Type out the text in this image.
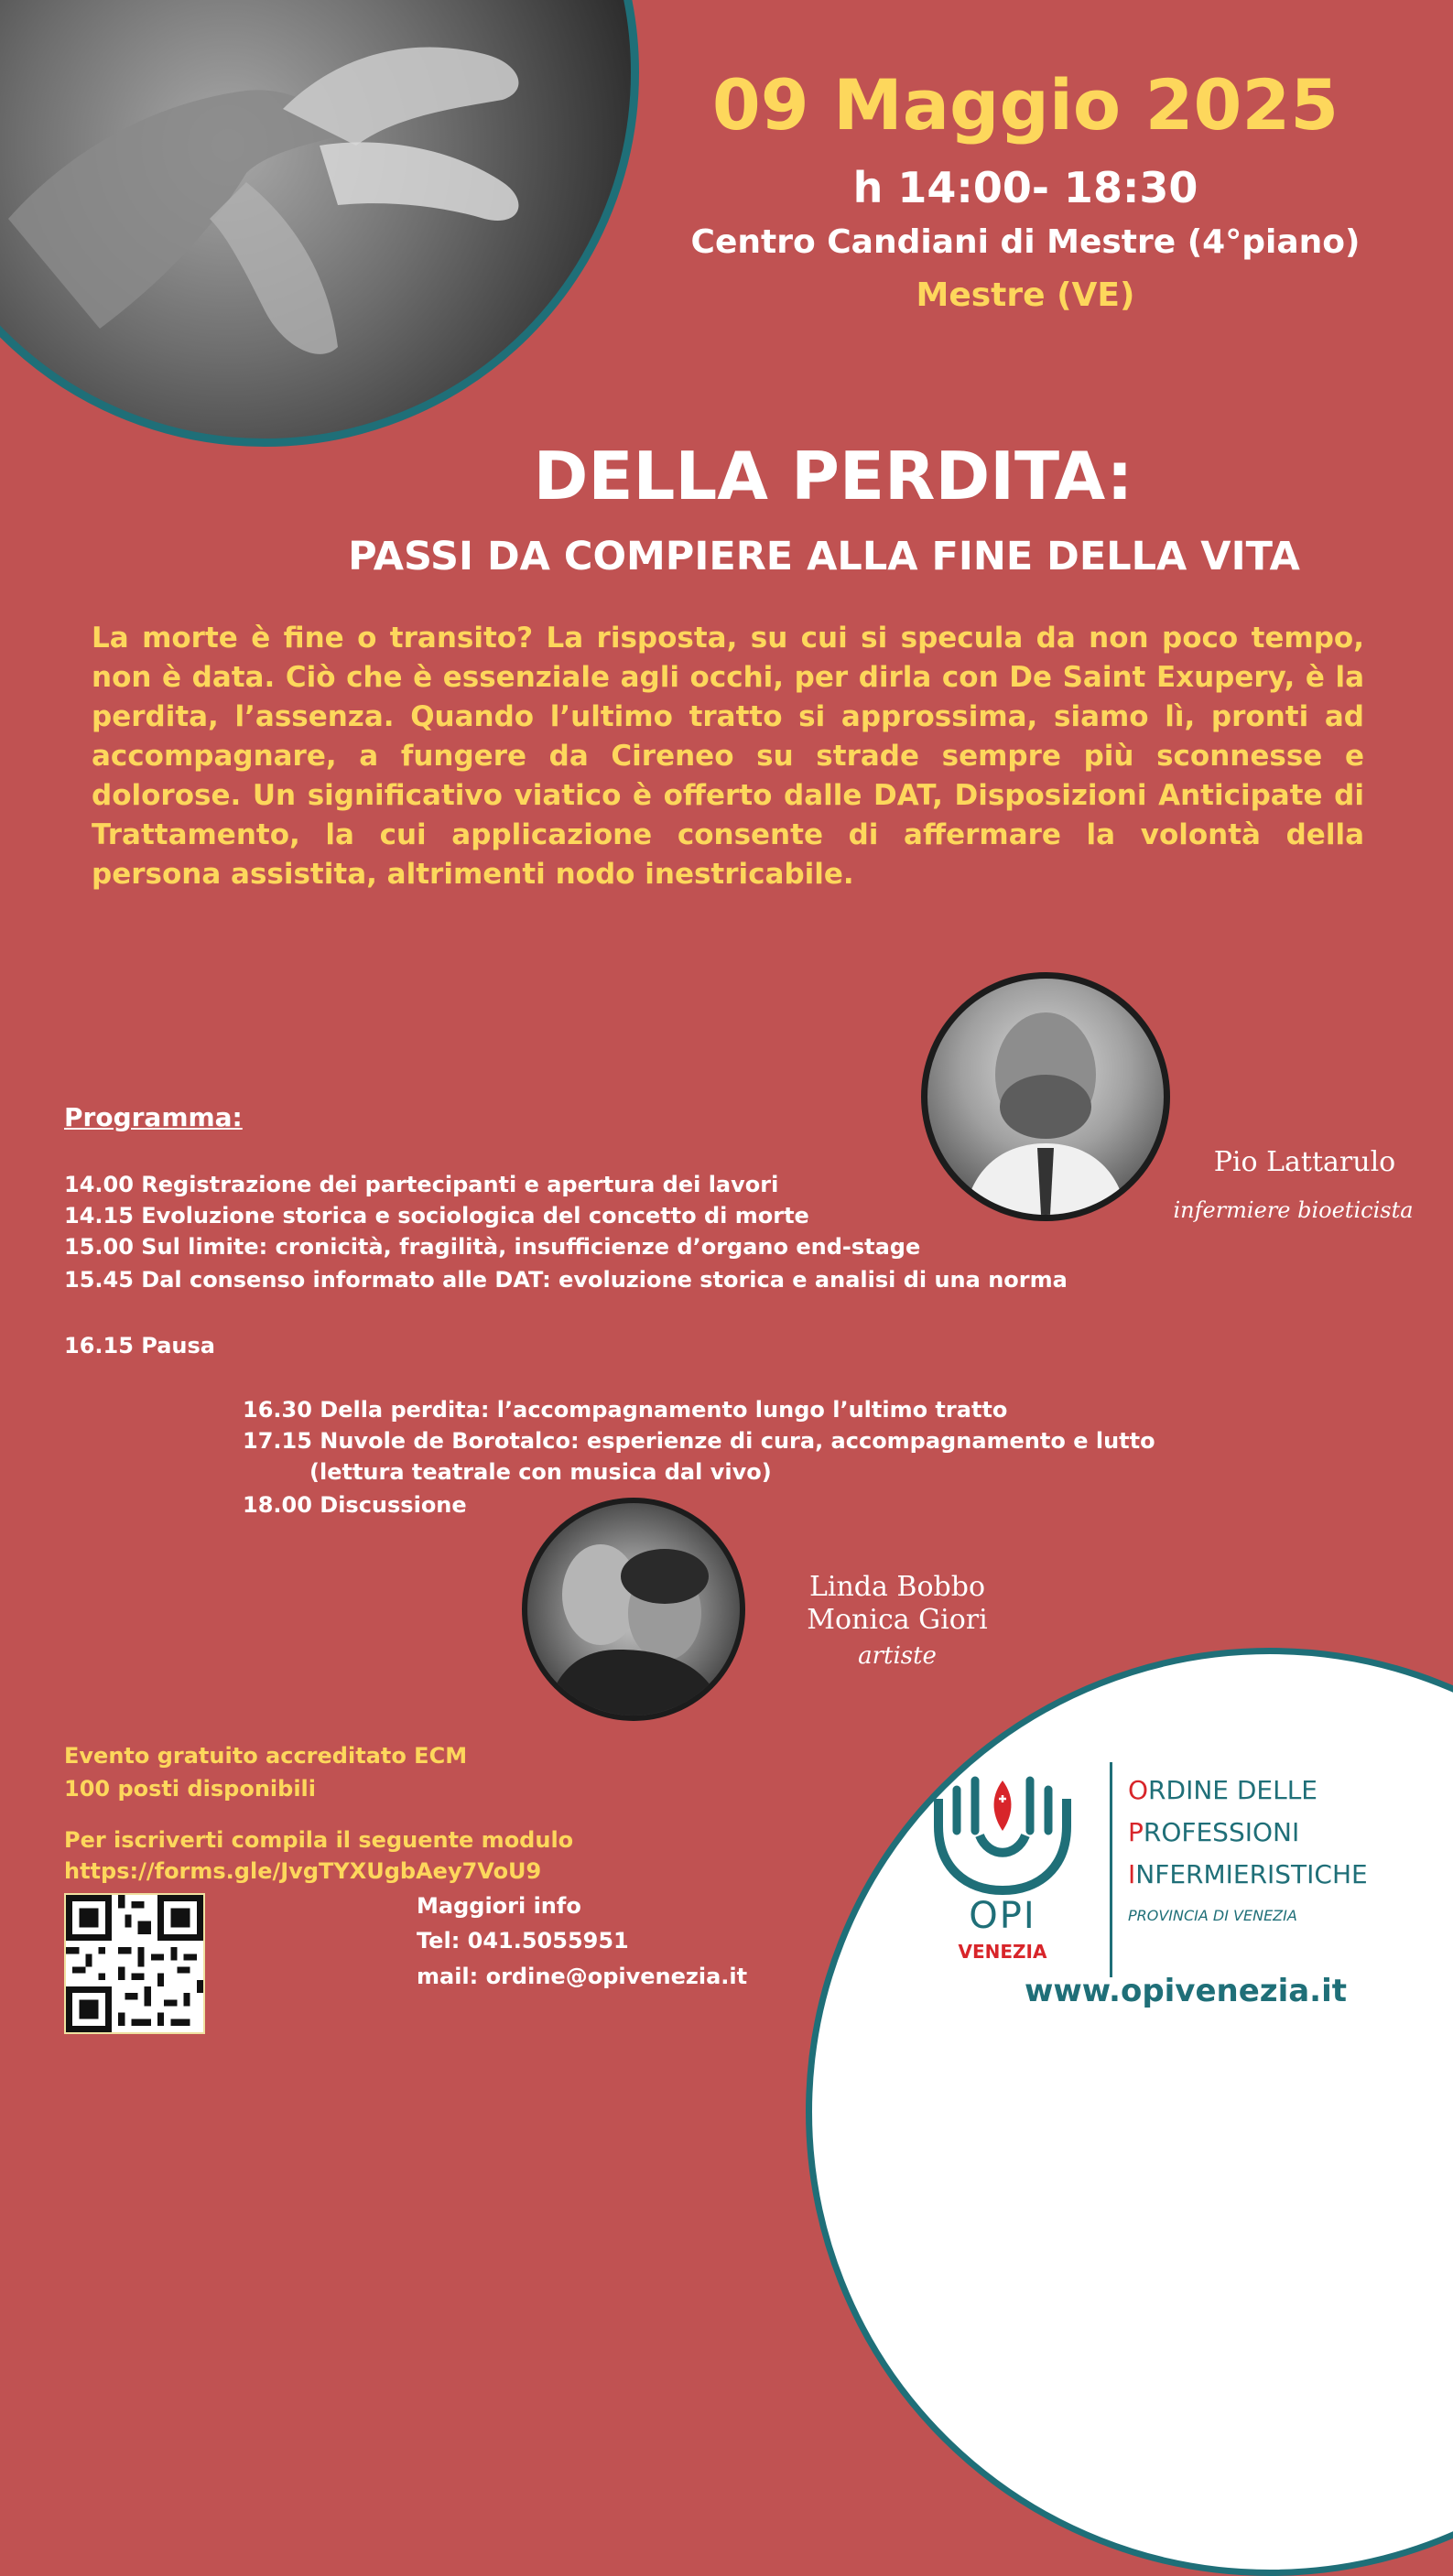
09 Maggio 2025
h 14:00- 18:30
Centro Candiani di Mestre (4°piano)
Mestre (VE)
DELLA PERDITA:
PASSI DA COMPIERE ALLA FINE DELLA VITA
La morte è fine o transito? La risposta, su cui si specula da non poco tempo, non è data. Ciò che è essenziale agli occhi, per dirla con De Saint Exupery, è la perdita, l’assenza. Quando l’ultimo tratto si approssima, siamo lì, pronti ad accompagnare, a fungere da Cireneo su strade sempre più sconnesse e dolorose. Un significativo viatico è offerto dalle DAT, Disposizioni Anticipate di Trattamento, la cui applicazione consente di affermare la volontà della persona assistita, altrimenti nodo inestricabile.
Pio Lattarulo
infermiere bioeticista
Programma:
14.00 Registrazione dei partecipanti e apertura dei lavori
14.15 Evoluzione storica e sociologica del concetto di morte
15.00 Sul limite: cronicità, fragilità, insufficienze d’organo end-stage
15.45 Dal consenso informato alle DAT: evoluzione storica e analisi di una norma
16.15 Pausa
16.30 Della perdita: l’accompagnamento lungo l’ultimo tratto
17.15 Nuvole de Borotalco: esperienze di cura, accompagnamento e lutto
(lettura teatrale con musica dal vivo)
18.00 Discussione
Linda Bobbo
Monica Giori
artiste
Evento gratuito accreditato ECM
100 posti disponibili
Per iscriverti compila il seguente modulo
https://forms.gle/JvgTYXUgbAey7VoU9
Maggiori info
Tel: 041.5055951
mail: ordine@opivenezia.it
OPI
VENEZIA
ORDINE DELLE
PROFESSIONI
INFERMIERISTICHE
PROVINCIA DI VENEZIA
www.opivenezia.it
